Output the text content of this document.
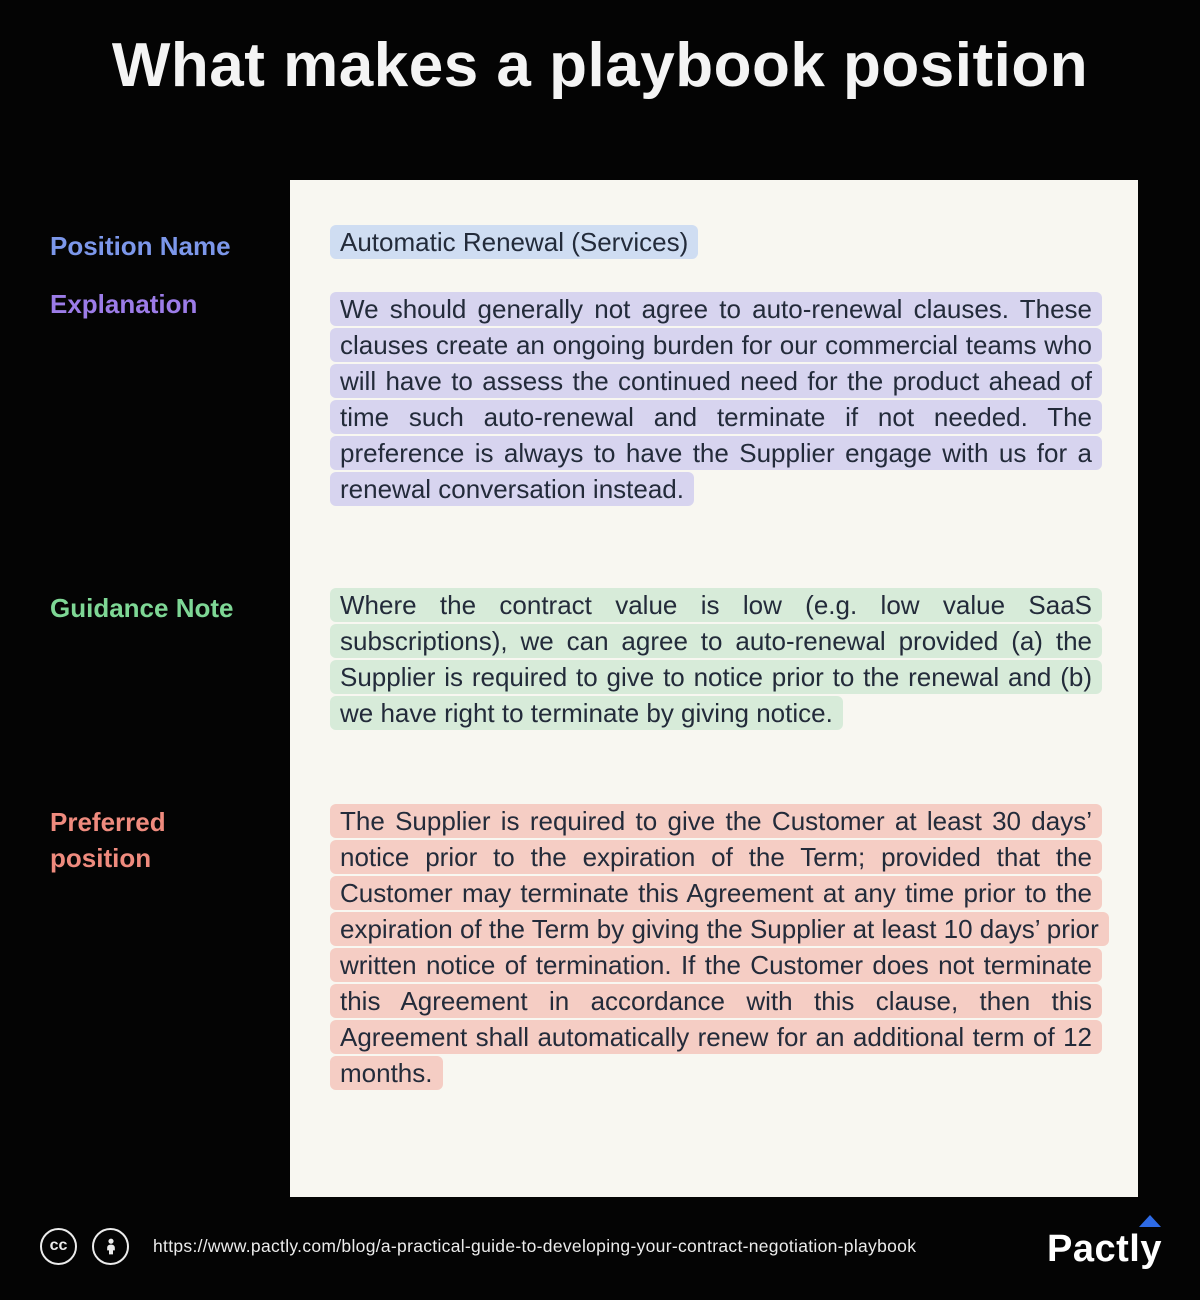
What makes a playbook position
Position Name
Explanation
Guidance Note
Preferred position

Automatic Renewal (Services)

We should generally not agree to auto-renewal clauses. These clauses create an ongoing burden for our commercial teams who will have to assess the continued need for the product ahead of time such auto-renewal and terminate if not needed. The preference is always to have the Supplier engage with us for a renewal conversation instead.

Where the contract value is low (e.g. low value SaaS subscriptions), we can agree to auto-renewal provided (a) the Supplier is required to give to notice prior to the renewal and (b) we have right to terminate by giving notice.

The Supplier is required to give the Customer at least 30 days’ notice prior to the expiration of the Term; provided that the Customer may terminate this Agreement at any time prior to the expiration of the Term by giving the Supplier at least 10 days’ prior written notice of termination. If the Customer does not terminate this Agreement in accordance with this clause, then this Agreement shall automatically renew for an additional term of 12 months.

cc	https://www.pactly.com/blog/a-practical-guide-to-developing-your-contract-negotiation-playbook	Pactly
